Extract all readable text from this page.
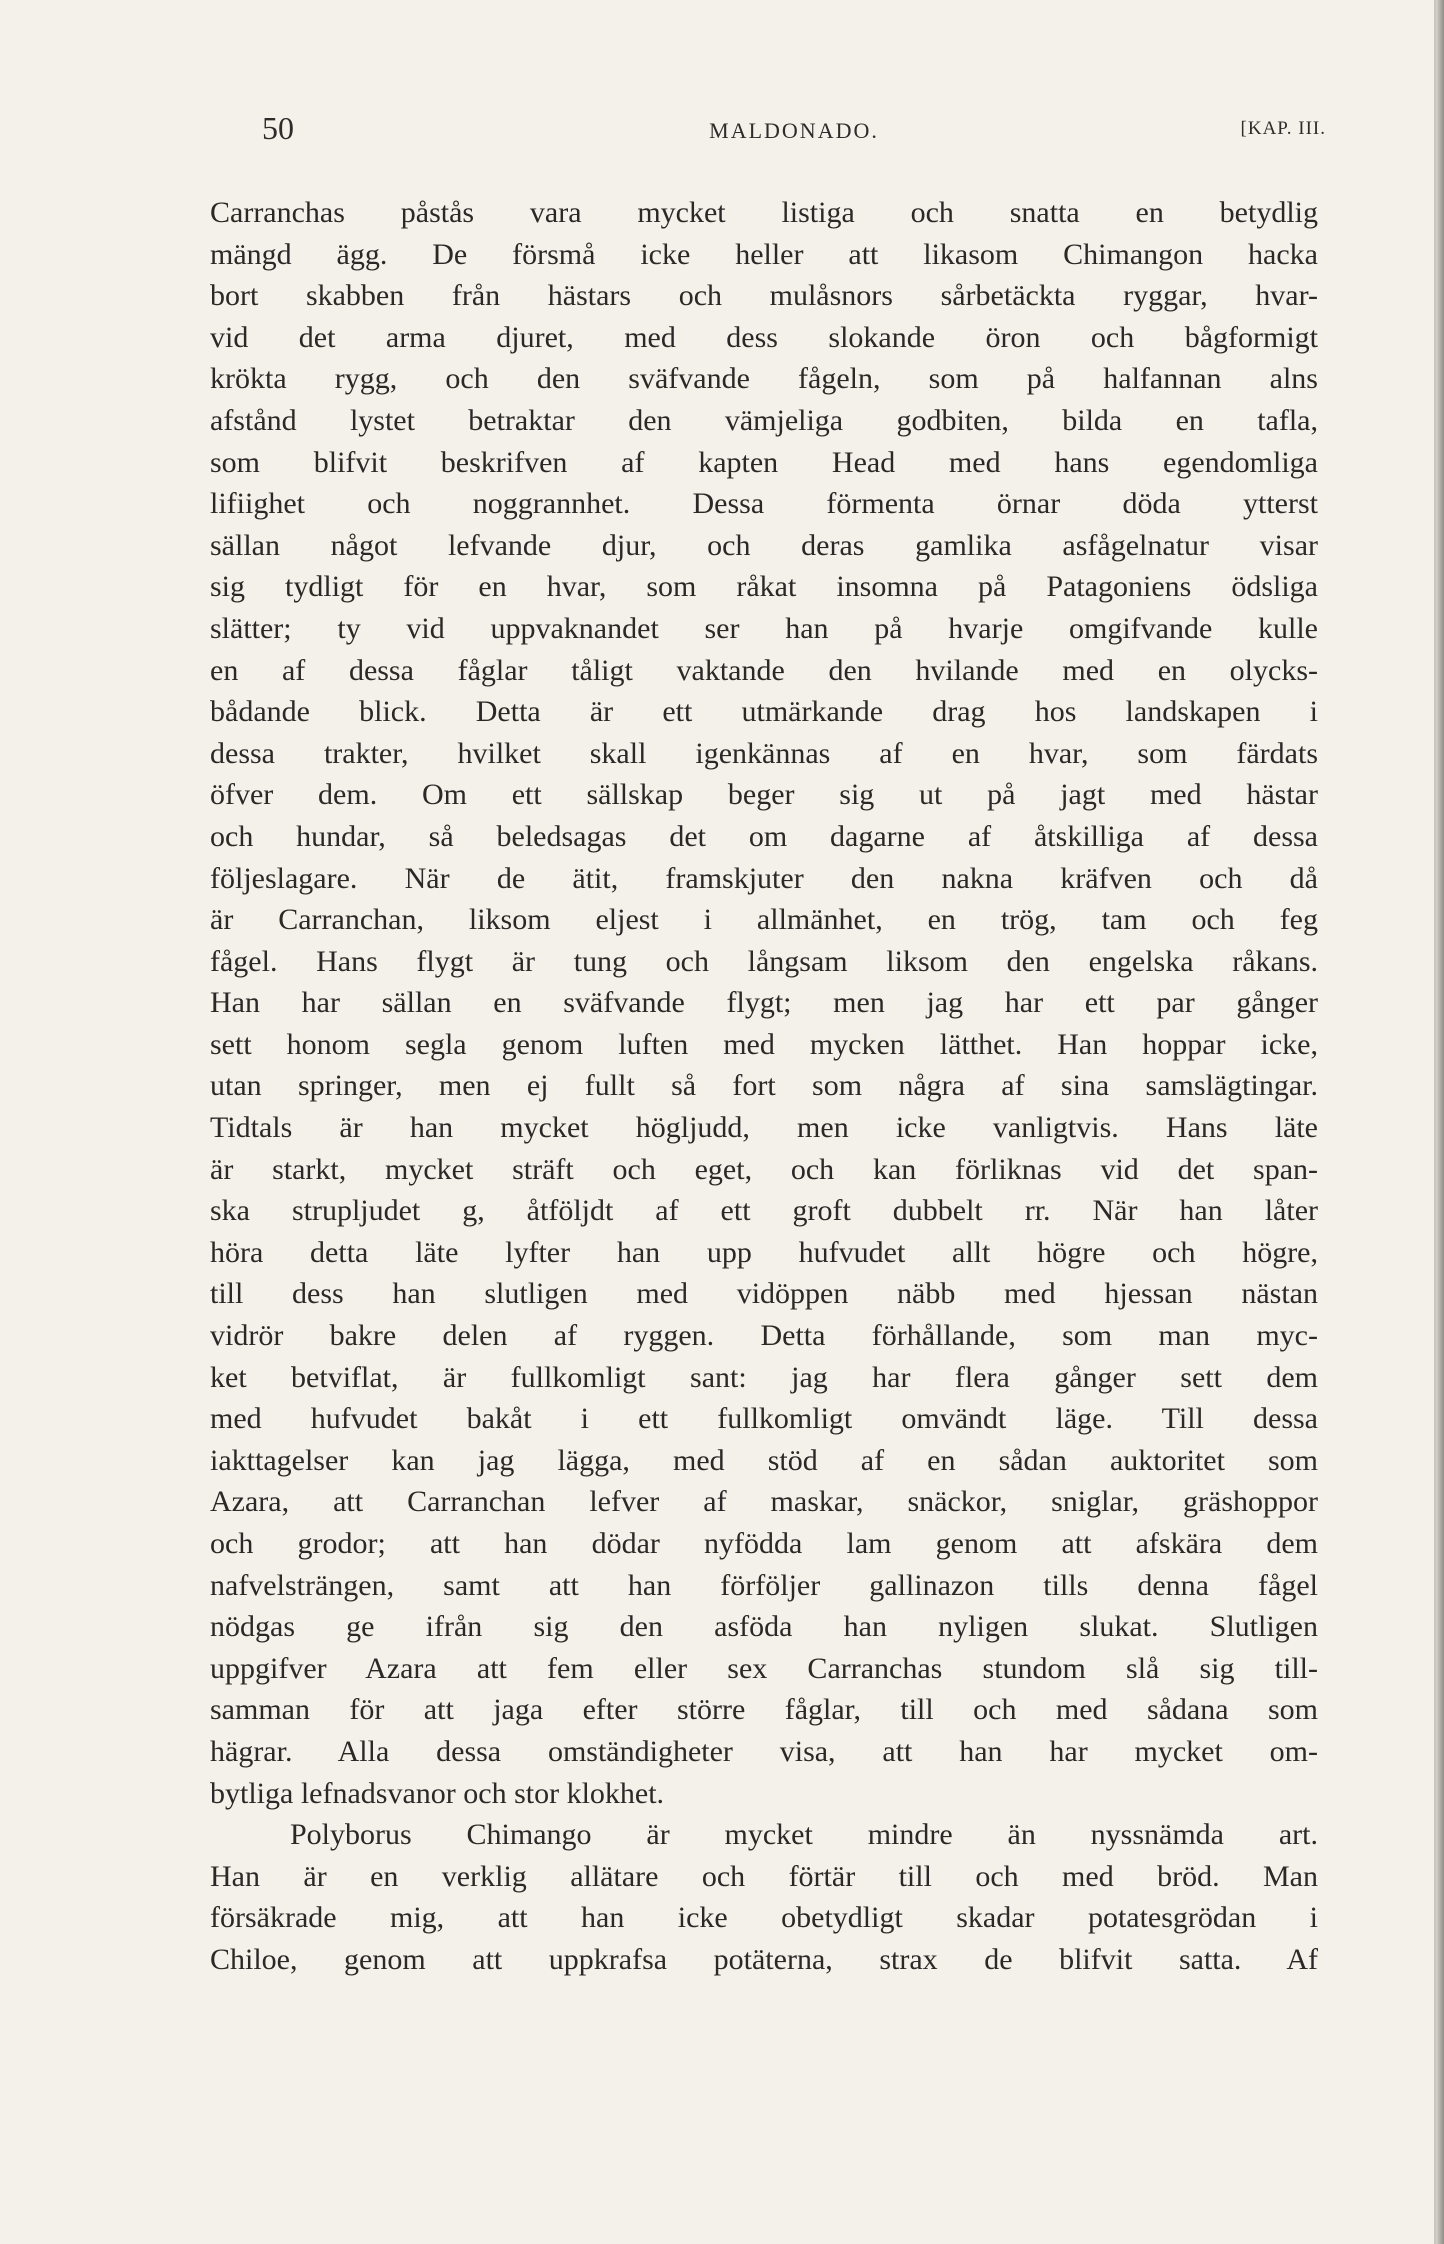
50	MALDONADO.	[KAP. III.
Carranchas påstås vara mycket listiga och snatta en betydlig
mängd ägg. De försmå icke heller att likasom Chimangon hacka
bort skabben från hästars och mulåsnors sårbetäckta ryggar, hvar-
vid det arma djuret, med dess slokande öron och bågformigt
krökta rygg, och den sväfvande fågeln, som på halfannan alns
afstånd lystet betraktar den vämjeliga godbiten, bilda en tafla,
som blifvit beskrifven af kapten Head med hans egendomliga
lifiighet och noggrannhet. Dessa förmenta örnar döda ytterst
sällan något lefvande djur, och deras gamlika asfågelnatur visar
sig tydligt för en hvar, som råkat insomna på Patagoniens ödsliga
slätter; ty vid uppvaknandet ser han på hvarje omgifvande kulle
en af dessa fåglar tåligt vaktande den hvilande med en olycks-
bådande blick. Detta är ett utmärkande drag hos landskapen i
dessa trakter, hvilket skall igenkännas af en hvar, som färdats
öfver dem. Om ett sällskap beger sig ut på jagt med hästar
och hundar, så beledsagas det om dagarne af åtskilliga af dessa
följeslagare. När de ätit, framskjuter den nakna kräfven och då
är Carranchan, liksom eljest i allmänhet, en trög, tam och feg
fågel. Hans flygt är tung och långsam liksom den engelska råkans.
Han har sällan en sväfvande flygt; men jag har ett par gånger
sett honom segla genom luften med mycken lätthet. Han hoppar icke,
utan springer, men ej fullt så fort som några af sina samslägtingar.
Tidtals är han mycket högljudd, men icke vanligtvis. Hans läte
är starkt, mycket sträft och eget, och kan förliknas vid det span-
ska strupljudet g, åtföljdt af ett groft dubbelt rr. När han låter
höra detta läte lyfter han upp hufvudet allt högre och högre,
till dess han slutligen med vidöppen näbb med hjessan nästan
vidrör bakre delen af ryggen. Detta förhållande, som man myc-
ket betviflat, är fullkomligt sant: jag har flera gånger sett dem
med hufvudet bakåt i ett fullkomligt omvändt läge. Till dessa
iakttagelser kan jag lägga, med stöd af en sådan auktoritet som
Azara, att Carranchan lefver af maskar, snäckor, sniglar, gräshoppor
och grodor; att han dödar nyfödda lam genom att afskära dem
nafvelsträngen, samt att han förföljer gallinazon tills denna fågel
nödgas ge ifrån sig den asföda han nyligen slukat. Slutligen
uppgifver Azara att fem eller sex Carranchas stundom slå sig till-
samman för att jaga efter större fåglar, till och med sådana som
hägrar. Alla dessa omständigheter visa, att han har mycket om-
bytliga lefnadsvanor och stor klokhet.
Polyborus Chimango är mycket mindre än nyssnämda art.
Han är en verklig allätare och förtär till och med bröd. Man
försäkrade mig, att han icke obetydligt skadar potatesgrödan i
Chiloe, genom att uppkrafsa potäterna, strax de blifvit satta. Af
